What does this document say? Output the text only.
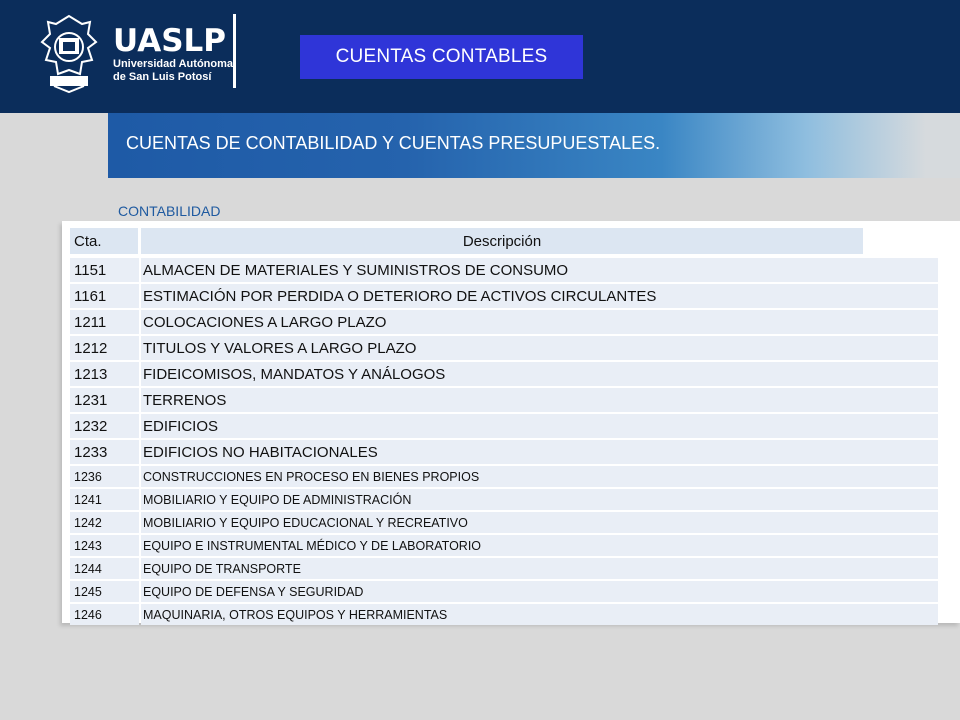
UASLP
Universidad Autónoma
de San Luis Potosí
CUENTAS CONTABLES
CUENTAS DE CONTABILIDAD Y CUENTAS PRESUPUESTALES.
CONTABILIDAD
Cta.	Descripción
1151	ALMACEN DE MATERIALES Y SUMINISTROS DE CONSUMO
1161	ESTIMACIÓN POR PERDIDA O DETERIORO DE ACTIVOS CIRCULANTES
1211	COLOCACIONES A LARGO PLAZO
1212	TITULOS Y VALORES A LARGO PLAZO
1213	FIDEICOMISOS, MANDATOS Y ANÁLOGOS
1231	TERRENOS
1232	EDIFICIOS
1233	EDIFICIOS NO HABITACIONALES
1236	CONSTRUCCIONES EN PROCESO EN BIENES PROPIOS
1241	MOBILIARIO Y EQUIPO DE ADMINISTRACIÓN
1242	MOBILIARIO Y EQUIPO EDUCACIONAL Y RECREATIVO
1243	EQUIPO E INSTRUMENTAL MÉDICO Y DE LABORATORIO
1244	EQUIPO DE TRANSPORTE
1245	EQUIPO DE DEFENSA Y SEGURIDAD
1246	MAQUINARIA, OTROS EQUIPOS Y HERRAMIENTAS
